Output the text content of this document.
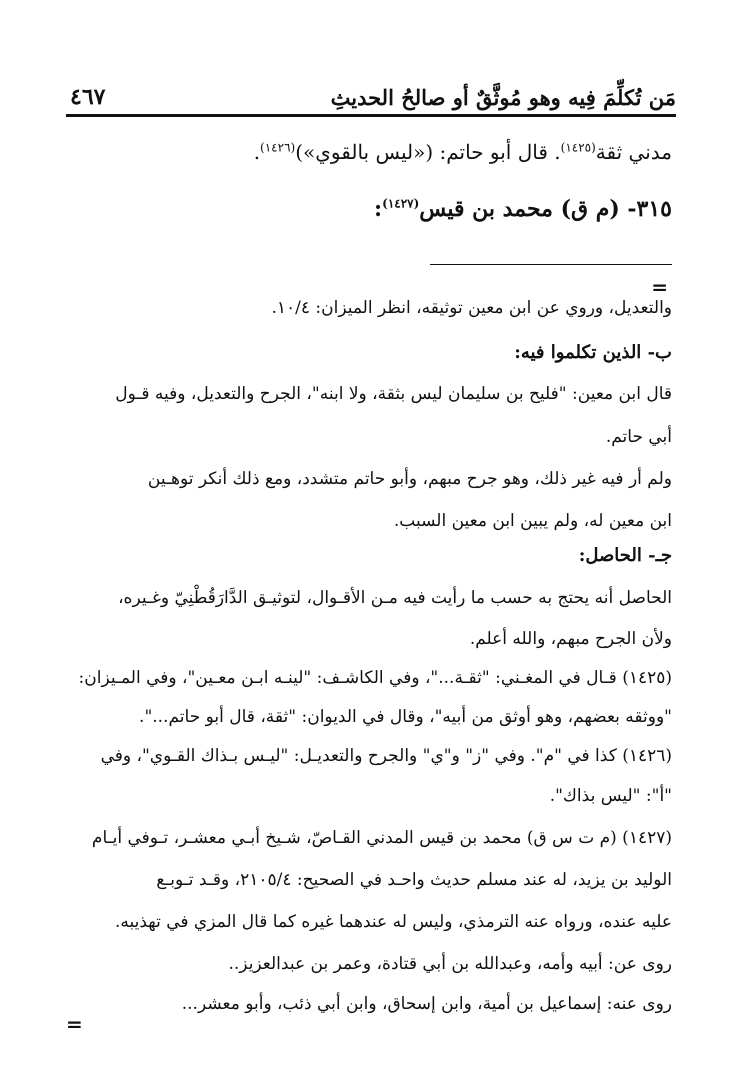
مَن تُكلِّمَ فِيه وهو مُوثَّقٌ أو صالحُ الحديثِ
٤٦٧
مدني ثقة$^{(١٤٢٥)}$. قال أبو حاتم: («ليس بالقوي»)$^{(١٤٢٦)}$.
٣١٥- (م ق) محمد بن قيس$^{(١٤٢٧)}$:
=
والتعديل، وروي عن ابن معين توثيقه، انظر الميزان: ١٠/٤.
ب- الذين تكلموا فيه:
قال ابن معين: "فليح بن سليمان ليس بثقة، ولا ابنه"، الجرح والتعديل، وفيه قـول
أبي حاتم.
ولم أر فيه غير ذلك، وهو جرح مبهم، وأبو حاتم متشدد، ومع ذلك أنكر توهـين
ابن معين له، ولم يبين ابن معين السبب.
جـ- الحاصل:
الحاصل أنه يحتج به حسب ما رأيت فيه مـن الأقـوال، لتوثيـق الدَّارَقُطْنِيّ وغـيره،
ولأن الجرح مبهم، والله أعلم.
(١٤٢٥) قـال في المغـني: "ثقـة..."، وفي الكاشـف: "لينـه ابـن معـين"، وفي المـيزان:
"ووثقه بعضهم، وهو أوثق من أبيه"، وقال في الديوان: "ثقة، قال أبو حاتم...".
(١٤٢٦) كذا في "م". وفي "ز" و"ي" والجرح والتعديـل: "ليـس بـذاك القـوي"، وفي
"أ": "ليس بذاك".
(١٤٢٧) (م ت س ق) محمد بن قيس المدني القـاصّ، شـيخ أبـي معشـر، تـوفي أيـام
الوليد بن يزيد، له عند مسلم حديث واحـد في الصحيح: ٢١٠٥/٤، وقـد تـوبـع
عليه عنده، ورواه عنه الترمذي، وليس له عندهما غيره كما قال المزي في تهذيبه.
روى عن: أبيه وأمه، وعبدالله بن أبي قتادة، وعمر بن عبدالعزيز..
روى عنه: إسماعيل بن أمية، وابن إسحاق، وابن أبي ذئب، وأبو معشر...
=
